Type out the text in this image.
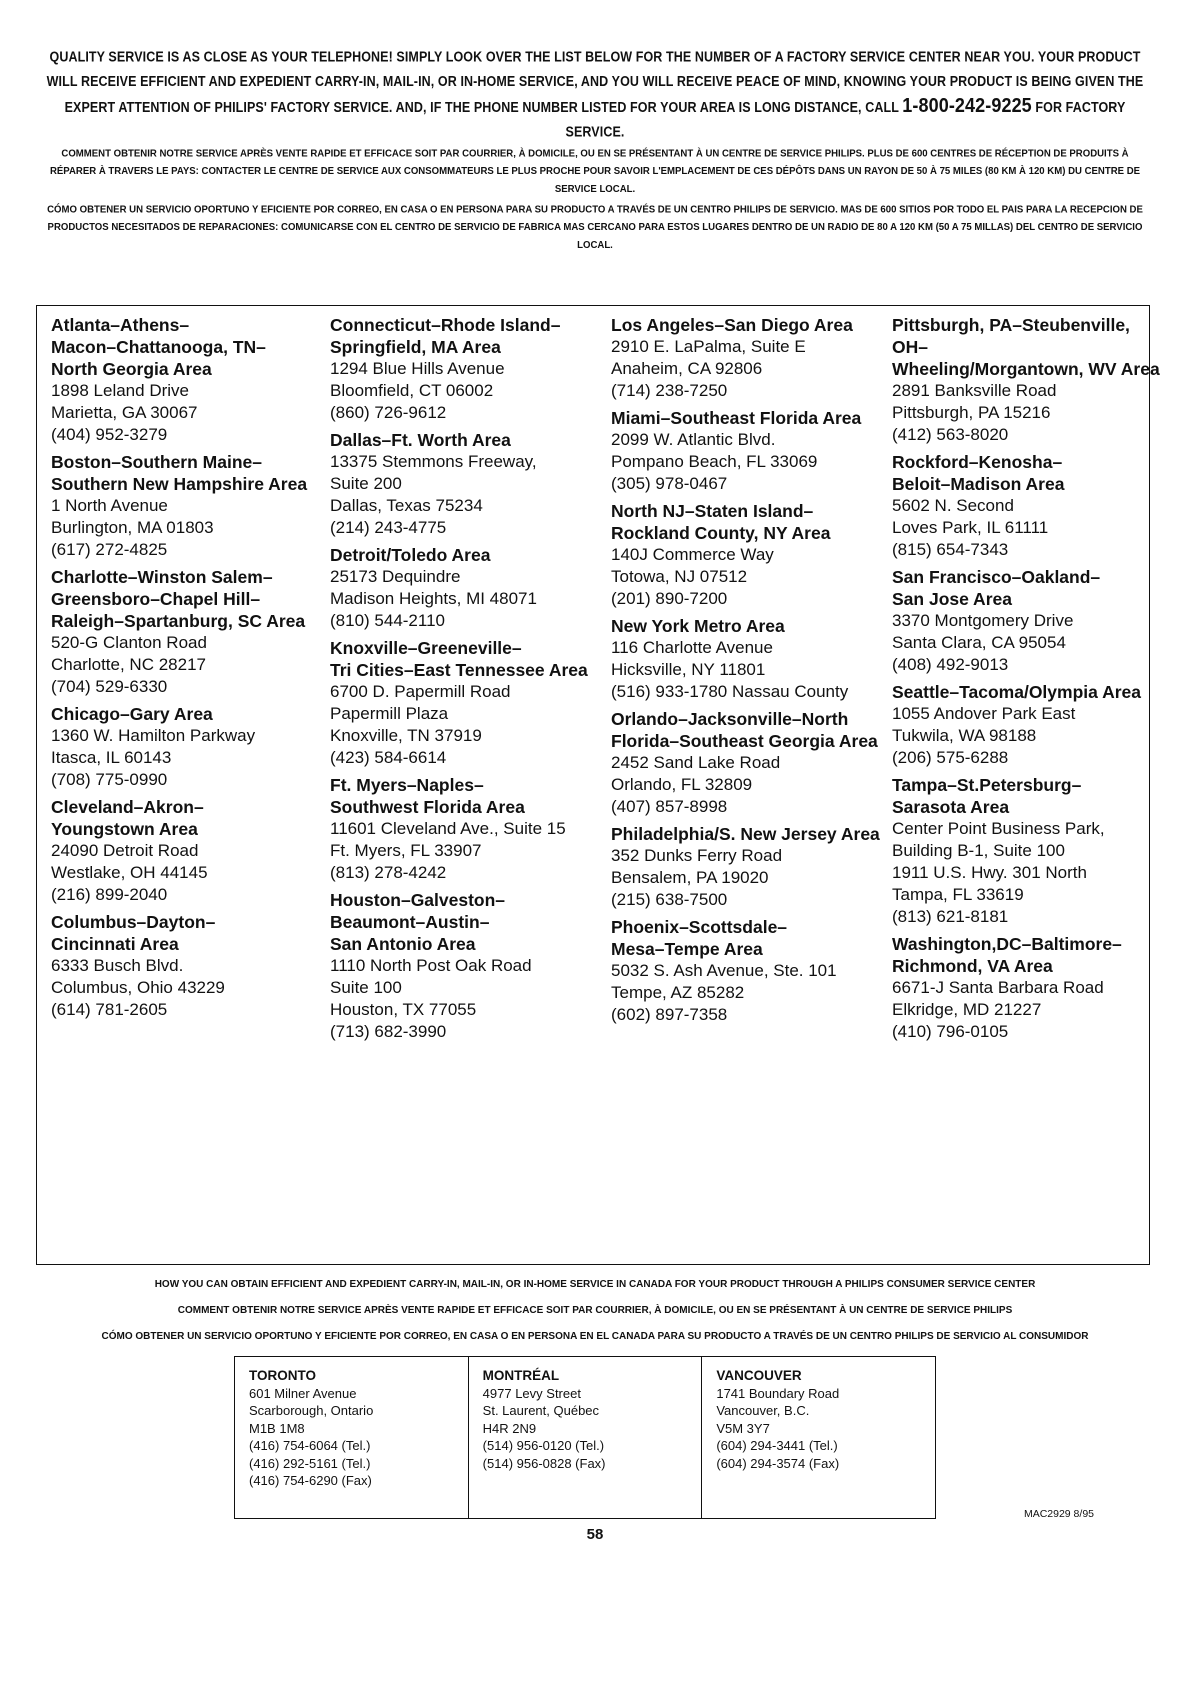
QUALITY SERVICE IS AS CLOSE AS YOUR TELEPHONE! SIMPLY LOOK OVER THE LIST BELOW FOR THE NUMBER OF A FACTORY SERVICE CENTER NEAR YOU. YOUR PRODUCT WILL RECEIVE EFFICIENT AND EXPEDIENT CARRY-IN, MAIL-IN, OR IN-HOME SERVICE, AND YOU WILL RECEIVE PEACE OF MIND, KNOWING YOUR PRODUCT IS BEING GIVEN THE EXPERT ATTENTION OF PHILIPS' FACTORY SERVICE. AND, IF THE PHONE NUMBER LISTED FOR YOUR AREA IS LONG DISTANCE, CALL 1-800-242-9225 FOR FACTORY SERVICE.

COMMENT OBTENIR NOTRE SERVICE APRÈS VENTE RAPIDE ET EFFICACE SOIT PAR COURRIER, À DOMICILE, OU EN SE PRÉSENTANT À UN CENTRE DE SERVICE PHILIPS. PLUS DE 600 CENTRES DE RÉCEPTION DE PRODUITS À RÉPARER À TRAVERS LE PAYS: CONTACTER LE CENTRE DE SERVICE AUX CONSOMMATEURS LE PLUS PROCHE POUR SAVOIR L'EMPLACEMENT DE CES DÉPÔTS DANS UN RAYON DE 50 À 75 MILES (80 KM À 120 KM) DU CENTRE DE SERVICE LOCAL.

CÓMO OBTENER UN SERVICIO OPORTUNO Y EFICIENTE POR CORREO, EN CASA O EN PERSONA PARA SU PRODUCTO A TRAVÉS DE UN CENTRO PHILIPS DE SERVICIO. MAS DE 600 SITIOS POR TODO EL PAIS PARA LA RECEPCION DE PRODUCTOS NECESITADOS DE REPARACIONES: COMUNICARSE CON EL CENTRO DE SERVICIO DE FABRICA MAS CERCANO PARA ESTOS LUGARES DENTRO DE UN RADIO DE 80 A 120 KM (50 A 75 MILLAS) DEL CENTRO DE SERVICIO LOCAL.

Atlanta–Athens–
Macon–Chattanooga, TN–
North Georgia Area
1898 Leland Drive
Marietta, GA 30067
(404) 952-3279
Boston–Southern Maine–
Southern New Hampshire Area
1 North Avenue
Burlington, MA 01803
(617) 272-4825
Charlotte–Winston Salem–
Greensboro–Chapel Hill–
Raleigh–Spartanburg, SC Area
520-G Clanton Road
Charlotte, NC 28217
(704) 529-6330
Chicago–Gary Area
1360 W. Hamilton Parkway
Itasca, IL 60143
(708) 775-0990
Cleveland–Akron–
Youngstown Area
24090 Detroit Road
Westlake, OH 44145
(216) 899-2040
Columbus–Dayton–
Cincinnati Area
6333 Busch Blvd.
Columbus, Ohio 43229
(614) 781-2605
Connecticut–Rhode Island–
Springfield, MA Area
1294 Blue Hills Avenue
Bloomfield, CT 06002
(860) 726-9612
Dallas–Ft. Worth Area
13375 Stemmons Freeway,
Suite 200
Dallas, Texas 75234
(214) 243-4775
Detroit/Toledo Area
25173 Dequindre
Madison Heights, MI 48071
(810) 544-2110
Knoxville–Greeneville–
Tri Cities–East Tennessee Area
6700 D. Papermill Road
Papermill Plaza
Knoxville, TN 37919
(423) 584-6614
Ft. Myers–Naples–
Southwest Florida Area
11601 Cleveland Ave., Suite 15
Ft. Myers, FL 33907
(813) 278-4242
Houston–Galveston–
Beaumont–Austin–
San Antonio Area
1110 North Post Oak Road
Suite 100
Houston, TX 77055
(713) 682-3990
Los Angeles–San Diego Area
2910 E. LaPalma, Suite E
Anaheim, CA 92806
(714) 238-7250
Miami–Southeast Florida Area
2099 W. Atlantic Blvd.
Pompano Beach, FL 33069
(305) 978-0467
North NJ–Staten Island–
Rockland County, NY Area
140J Commerce Way
Totowa, NJ 07512
(201) 890-7200
New York Metro Area
116 Charlotte Avenue
Hicksville, NY 11801
(516) 933-1780 Nassau County
Orlando–Jacksonville–North
Florida–Southeast Georgia Area
2452 Sand Lake Road
Orlando, FL 32809
(407) 857-8998
Philadelphia/S. New Jersey Area
352 Dunks Ferry Road
Bensalem, PA 19020
(215) 638-7500
Phoenix–Scottsdale–
Mesa–Tempe Area
5032 S. Ash Avenue, Ste. 101
Tempe, AZ 85282
(602) 897-7358
Pittsburgh, PA–Steubenville, OH–
Wheeling/Morgantown, WV Area
2891 Banksville Road
Pittsburgh, PA 15216
(412) 563-8020
Rockford–Kenosha–
Beloit–Madison Area
5602 N. Second
Loves Park, IL 61111
(815) 654-7343
San Francisco–Oakland–
San Jose Area
3370 Montgomery Drive
Santa Clara, CA 95054
(408) 492-9013
Seattle–Tacoma/Olympia Area
1055 Andover Park East
Tukwila, WA 98188
(206) 575-6288
Tampa–St.Petersburg–
Sarasota Area
Center Point Business Park,
Building B-1, Suite 100
1911 U.S. Hwy. 301 North
Tampa, FL 33619
(813) 621-8181
Washington,DC–Baltimore–
Richmond, VA Area
6671-J Santa Barbara Road
Elkridge, MD 21227
(410) 796-0105

HOW YOU CAN OBTAIN EFFICIENT AND EXPEDIENT CARRY-IN, MAIL-IN, OR IN-HOME SERVICE IN CANADA FOR YOUR PRODUCT THROUGH A PHILIPS CONSUMER SERVICE CENTER

COMMENT OBTENIR NOTRE SERVICE APRÈS VENTE RAPIDE ET EFFICACE SOIT PAR COURRIER, À DOMICILE, OU EN SE PRÉSENTANT À UN CENTRE DE SERVICE PHILIPS

CÓMO OBTENER UN SERVICIO OPORTUNO Y EFICIENTE POR CORREO, EN CASA O EN PERSONA EN EL CANADA PARA SU PRODUCTO A TRAVÉS DE UN CENTRO PHILIPS DE SERVICIO AL CONSUMIDOR

TORONTO
601 Milner Avenue
Scarborough, Ontario
M1B 1M8
(416) 754-6064 (Tel.)
(416) 292-5161 (Tel.)
(416) 754-6290 (Fax)
MONTRÉAL
4977 Levy Street
St. Laurent, Québec
H4R 2N9
(514) 956-0120 (Tel.)
(514) 956-0828 (Fax)
VANCOUVER
1741 Boundary Road
Vancouver, B.C.
V5M 3Y7
(604) 294-3441 (Tel.)
(604) 294-3574 (Fax)
MAC2929 8/95
58
